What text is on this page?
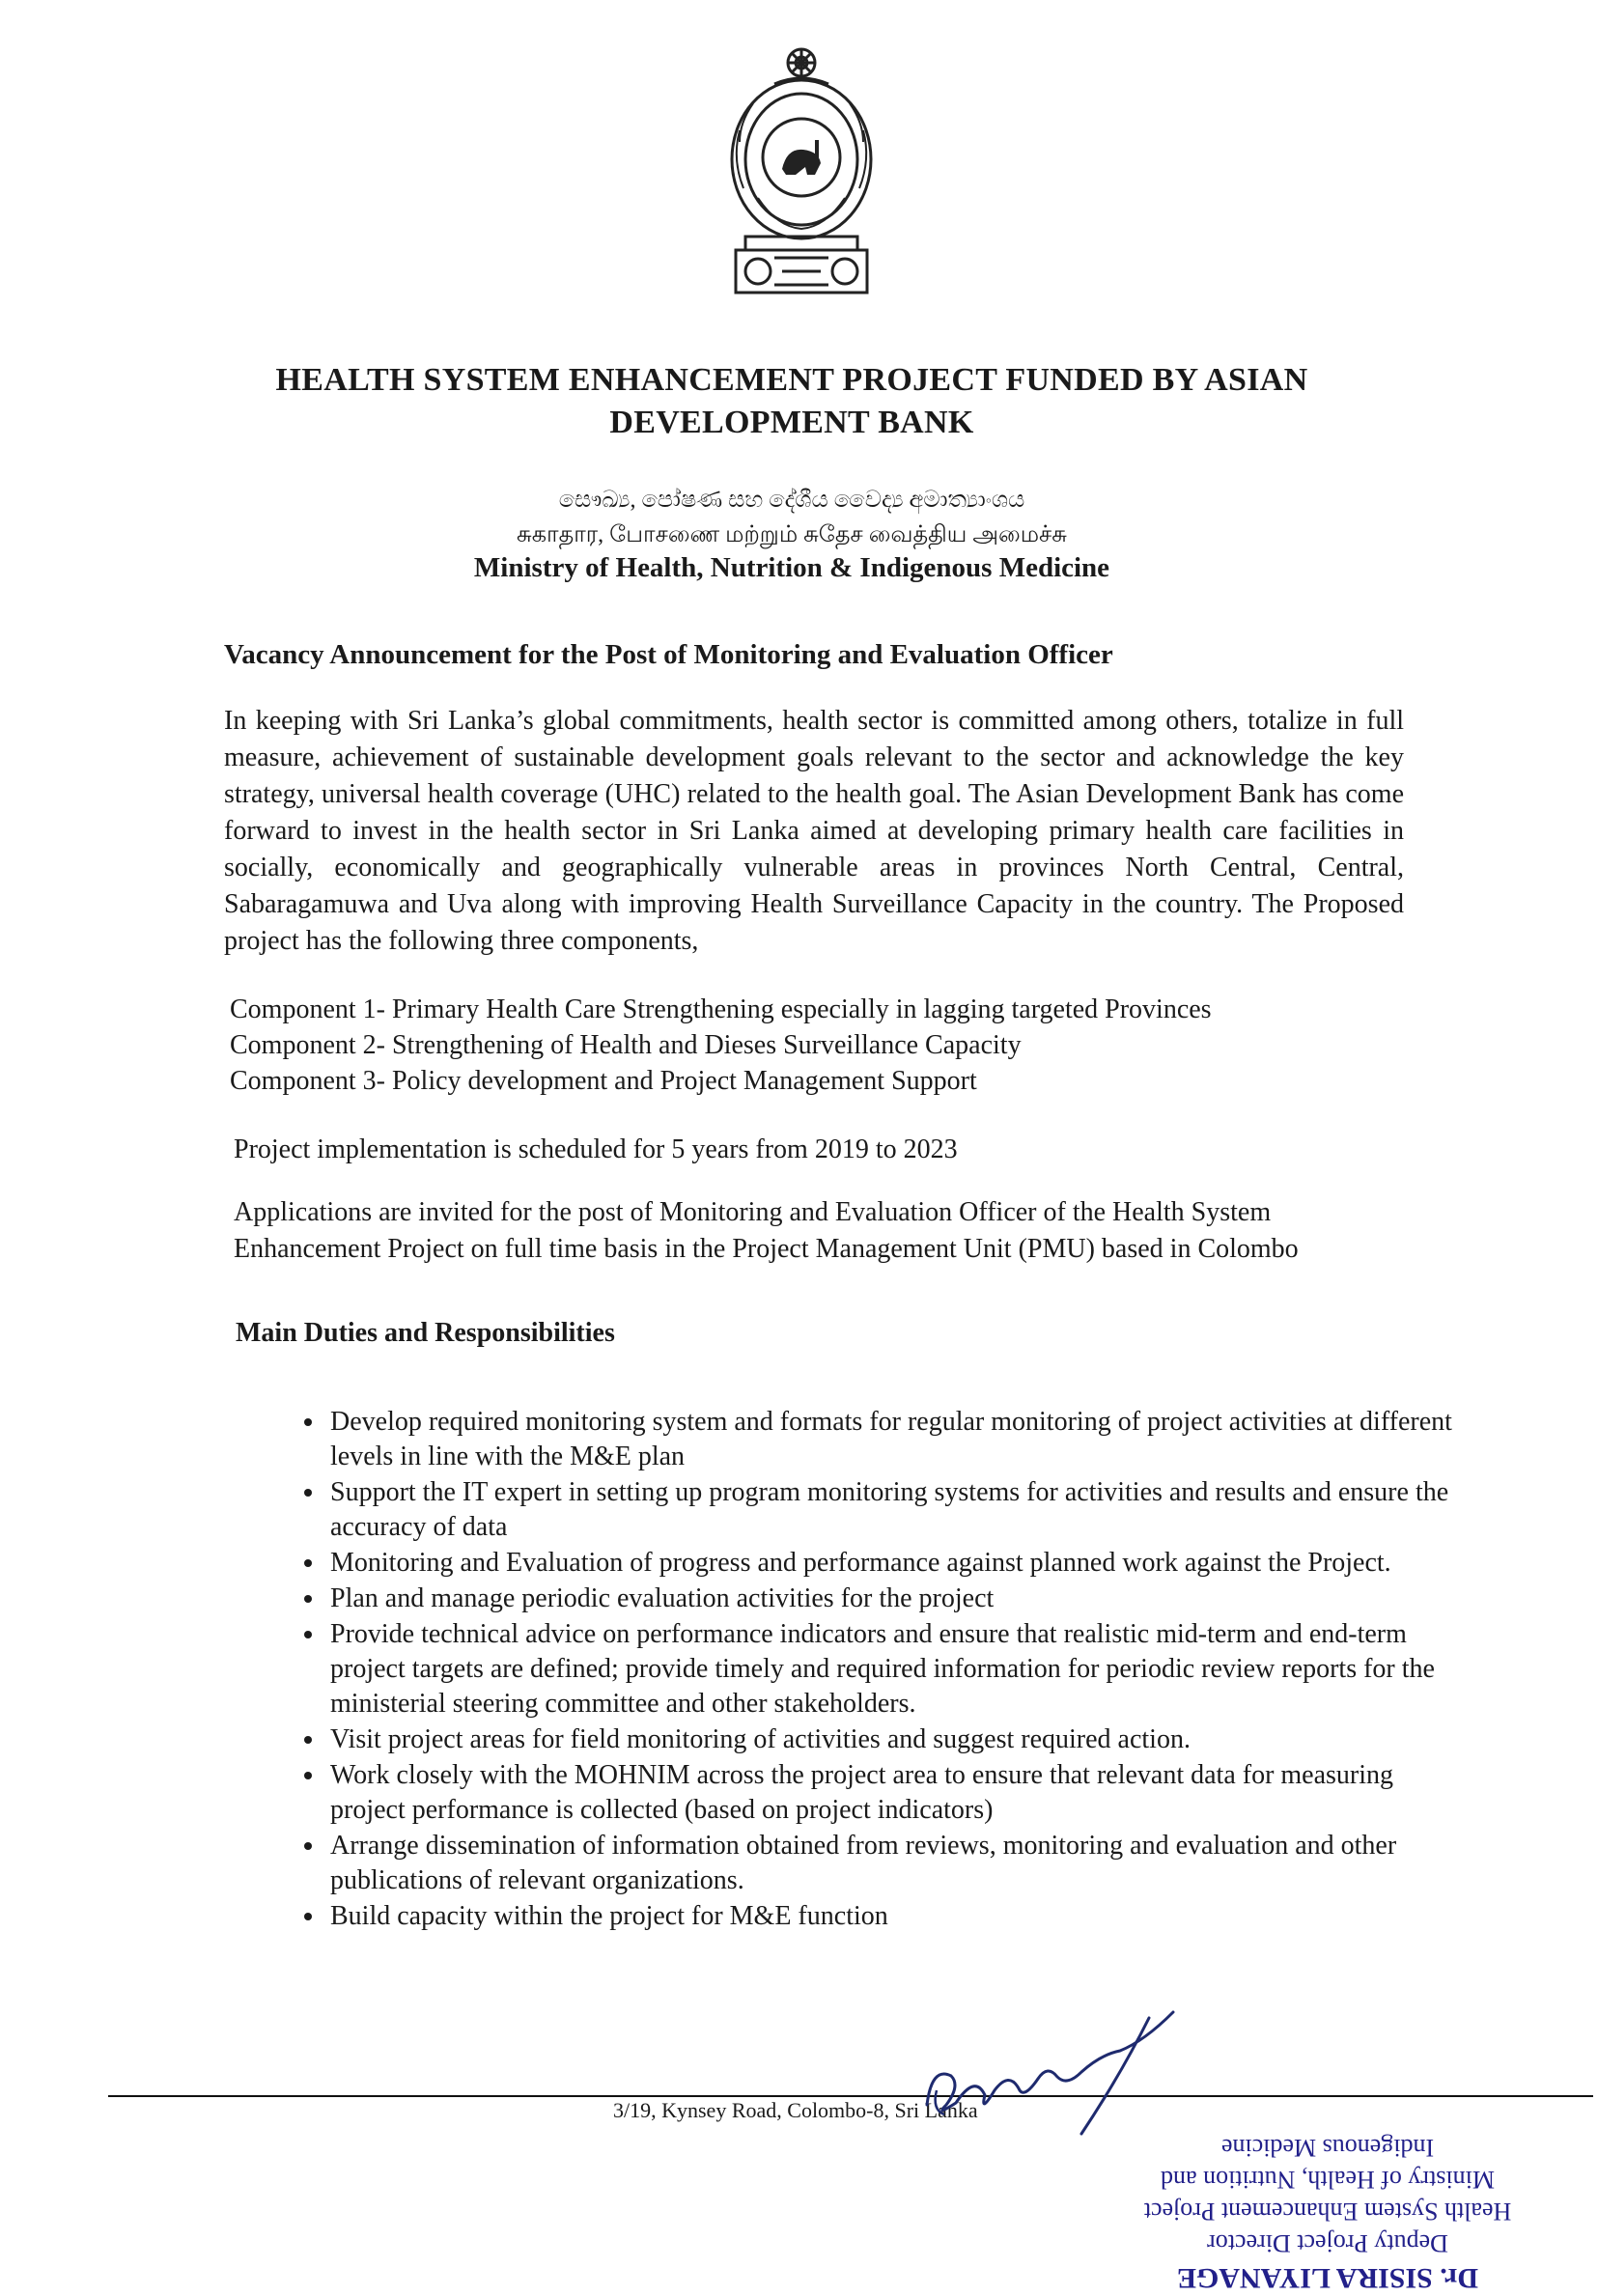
HEALTH SYSTEM ENHANCEMENT PROJECT FUNDED BY ASIAN
DEVELOPMENT BANK
සෞඛ්‍ය, පෝෂණ සහ දේශීය වෛද්‍ය අමාත්‍යාංශය
சுகாதார, போசணை மற்றும் சுதேச வைத்திய அமைச்சு
Ministry of Health, Nutrition & Indigenous Medicine
Vacancy Announcement for the Post of Monitoring and Evaluation Officer

In keeping with Sri Lanka’s global commitments, health sector is committed among others, totalize in full measure, achievement of sustainable development goals relevant to the sector and acknowledge the key strategy, universal health coverage (UHC) related to the health goal. The Asian Development Bank has come forward to invest in the health sector in Sri Lanka aimed at developing primary health care facilities in socially, economically and geographically vulnerable areas in provinces North Central, Central, Sabaragamuwa and Uva along with improving Health Surveillance Capacity in the country. The Proposed project has the following three components,

Component 1- Primary Health Care Strengthening especially in lagging targeted Provinces
Component 2- Strengthening of Health and Dieses Surveillance Capacity
Component 3- Policy development and Project Management Support
Project implementation is scheduled for 5 years from 2019 to 2023

Applications are invited for the post of Monitoring and Evaluation Officer of the Health System Enhancement Project on full time basis in the Project Management Unit (PMU) based in Colombo

Main Duties and Responsibilities
• Develop required monitoring system and formats for regular monitoring of project activities at different levels in line with the M&E plan
• Support the IT expert in setting up program monitoring systems for activities and results and ensure the accuracy of data
• Monitoring and Evaluation of progress and performance against planned work against the Project.
• Plan and manage periodic evaluation activities for the project
• Provide technical advice on performance indicators and ensure that realistic mid-term and end-term project targets are defined; provide timely and required information for periodic review reports for the ministerial steering committee and other stakeholders.
• Visit project areas for field monitoring of activities and suggest required action.
• Work closely with the MOHNIM across the project area to ensure that relevant data for measuring project performance is collected (based on project indicators)
• Arrange dissemination of information obtained from reviews, monitoring and evaluation and other publications of relevant organizations.
• Build capacity within the project for M&E function
3/19, Kynsey Road, Colombo-8, Sri Lanka
Dr. SISIRA LIYANAGE
Deputy Project Director
Health System Enhancement Project
Ministry of Health, Nutrition and
Indigenous Medicine
